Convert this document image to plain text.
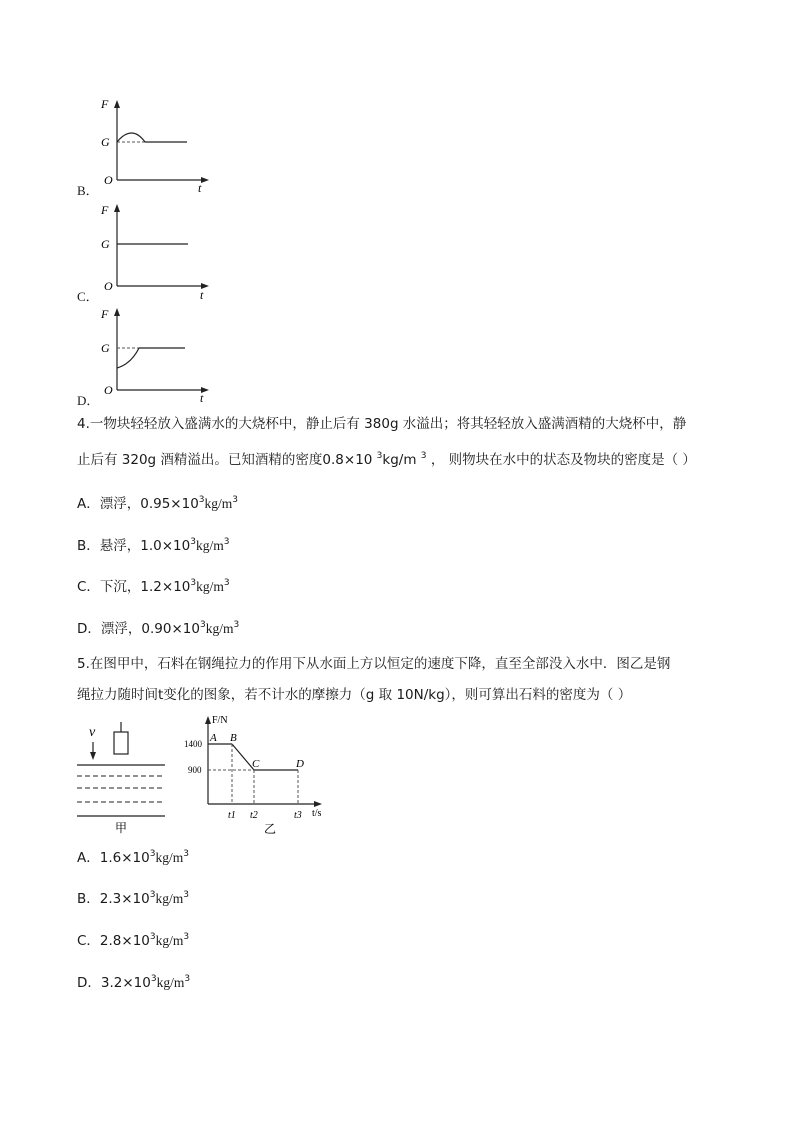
B．
F
G
O
t
C．
F
G
O
t
D．
F
G
O
t
4.一物块轻轻放入盛满水的大烧杯中，静止后有 380g 水溢出；将其轻轻放入盛满酒精的大烧杯中，静
止后有 320g 酒精溢出。已知酒精的密度0.8×10 $^3$kg/m $^3$ ， 则物块在水中的状态及物块的密度是（ ）
A．漂浮，$0.95\times 10^3kg/m^3$
B．悬浮，$1.0\times 10^3kg/m^3$
C．下沉，$1.2\times 10^3kg/m^3$
D．漂浮，$0.90\times 10^3kg/m^3$
5.在图甲中，石料在钢绳拉力的作用下从水面上方以恒定的速度下降，直至全部没入水中．图乙是钢
绳拉力随时间t变化的图象，若不计水的摩擦力（g 取 10N/kg），则可算出石料的密度为（ ）
v
甲
F/N
t/s
1400
900
A B
C	D
t1 t2	t3
乙
A．$1.6\times 10^3kg/m^3$
B．$2.3\times 10^3kg/m^3$
C．$2.8\times 10^3kg/m^3$
D．$3.2\times 10^3kg/m^3$
